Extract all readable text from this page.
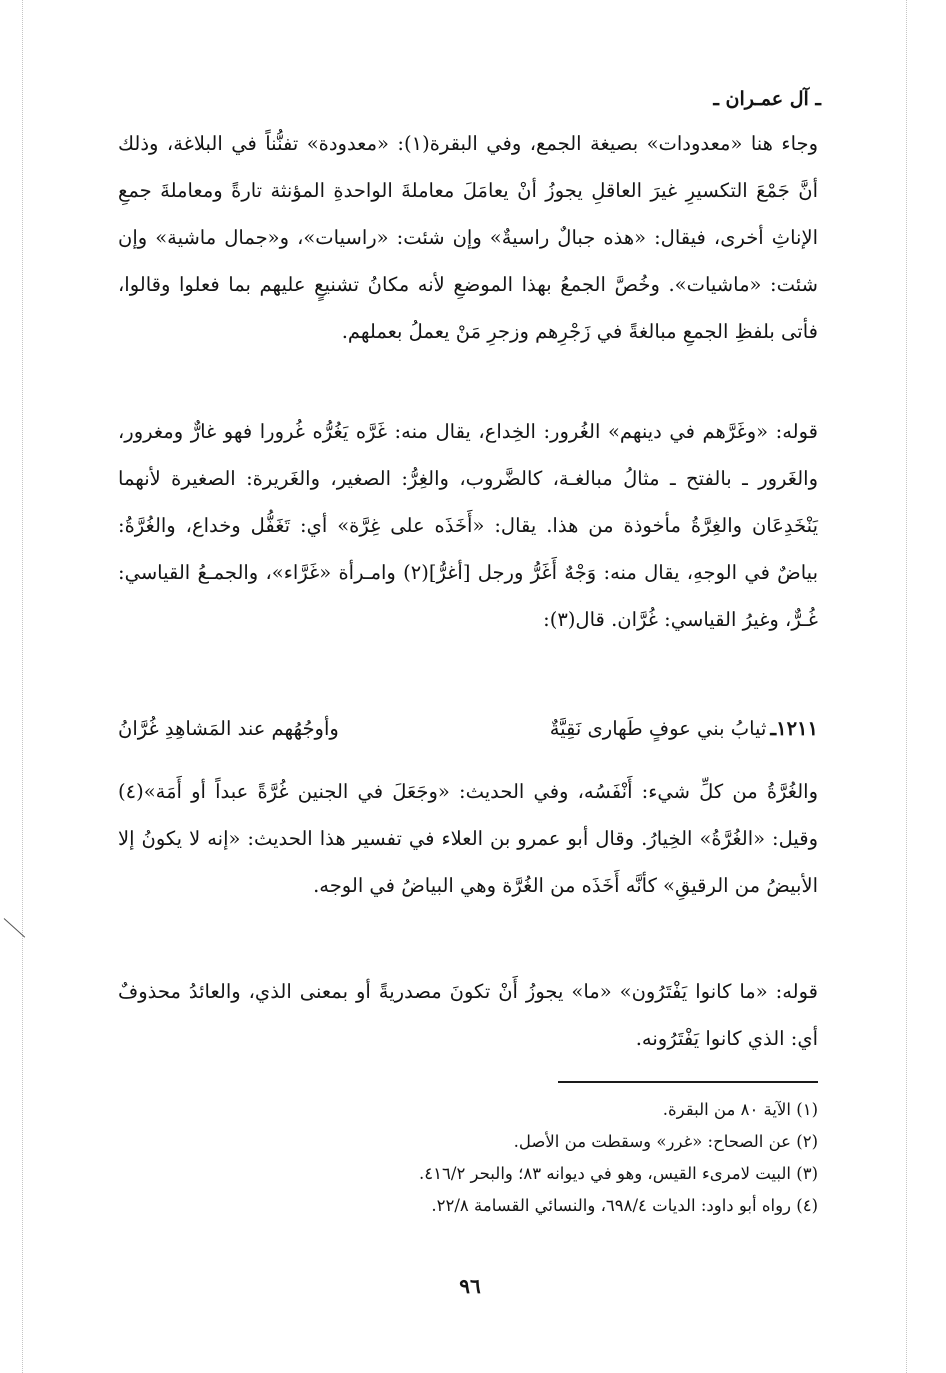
ـ آل عمـران ـ

وجاء هنا «معدودات» بصيغة الجمع، وفي البقرة(١): «معدودة» تفنُّناً في البلاغة، وذلك أنَّ جَمْعَ التكسيرِ غيرَ العاقلِ يجوزُ أنْ يعامَلَ معاملةَ الواحدةِ المؤنثة تارةً ومعاملةَ جمعِ الإناثِ أخرى، فيقال: «هذه جبالٌ راسيةٌ» وإن شئت: «راسيات»، و«جمال ماشية» وإن شئت: «ماشيات». وخُصَّ الجمعُ بهذا الموضعِ لأنه مكانُ تشنيعٍ عليهم بما فعلوا وقالوا، فأتى بلفظِ الجمعِ مبالغةً في زَجْرِهم وزجرِ مَنْ يعملُ بعملهم.

قوله: «وغَرَّهم في دينهم» الغُرور: الخِداع، يقال منه: غَرَّه يَغُرُّه غُرورا فهو غارٌّ ومغرور، والغَرور ـ بالفتح ـ مثالُ مبالغـة، كالضَّروب، والغِرُّ: الصغير، والغَريرة: الصغيرة لأنهما يَنْخَدِعَان والغِرَّةُ مأخوذة من هذا. يقال: «أَخَذَه على غِرَّة» أي: تَغَفُّل وخداع، والغُرَّةُ: بياضٌ في الوجهِ، يقال منه: وَجْهٌ أَغَرُّ ورجل [أغرُّ](٢) وامـرأة «غَرَّاء»، والجمـعُ القياسي: غُـرٌّ، وغيرُ القياسي: غُرَّان. قال(٣):

١٢١١ـ
ثيابُ بني عوفٍ طَهارى نَقِيَّةٌ
وأوجُهُهم عند المَشاهِدِ غُرَّانُ

والغُرَّةُ من كلِّ شيء: أَنْفَسُه، وفي الحديث: «وجَعَلَ في الجنين غُرَّةً عبداً أو أَمَة»(٤) وقيل: «الغُرَّةُ» الخِيارُ. وقال أبو عمرو بن العلاء في تفسير هذا الحديث: «إنه لا يكونُ إلا الأبيضُ من الرقيقِ» كأنَّه أَخَذَه من الغُرَّة وهي البياضُ في الوجه.

قوله: «ما كانوا يَفْتَرُون» «ما» يجوزُ أَنْ تكونَ مصدريةً أو بمعنى الذي، والعائدُ محذوفٌ أي: الذي كانوا يَفْتَرُونه.

(١) الآية ٨٠ من البقرة.
(٢) عن الصحاح: «غرر» وسقطت من الأصل.
(٣) البيت لامرىء القيس، وهو في ديوانه ٨٣؛ والبحر ٤١٦/٢.
(٤) رواه أبو داود: الديات ٦٩٨/٤، والنسائي القسامة ٢٢/٨.
٩٦
